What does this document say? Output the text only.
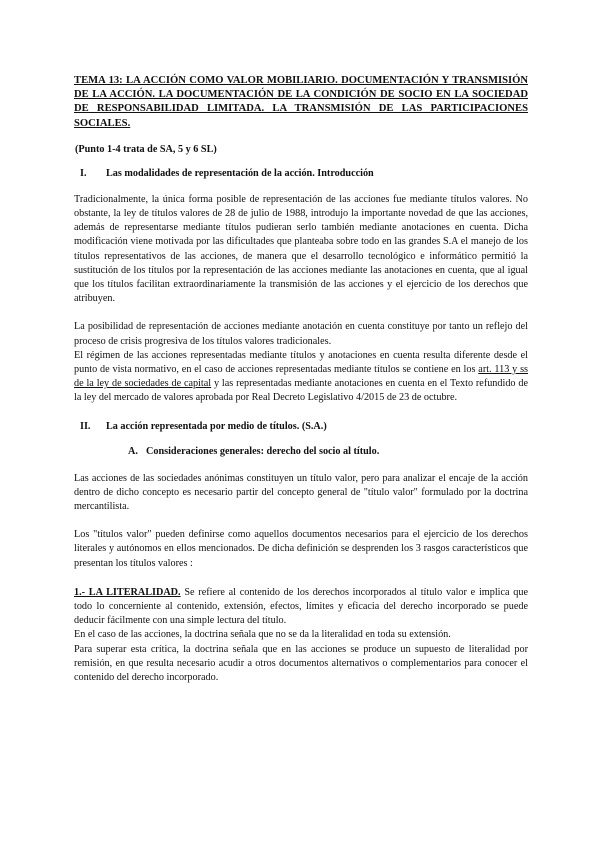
TEMA 13: LA ACCIÓN COMO VALOR MOBILIARIO. DOCUMENTACIÓN Y TRANSMISIÓN DE LA ACCIÓN. LA DOCUMENTACIÓN DE LA CONDICIÓN DE SOCIO EN LA SOCIEDAD DE RESPONSABILIDAD LIMITADA. LA TRANSMISIÓN DE LAS PARTICIPACIONES SOCIALES.

(Punto 1-4 trata de SA, 5 y 6 SL)
I.	Las modalidades de representación de la acción. Introducción

Tradicionalmente, la única forma posible de representación de las acciones fue mediante títulos valores. No obstante, la ley de títulos valores de 28 de julio de 1988, introdujo la importante novedad de que las acciones, además de representarse mediante títulos pudieran serlo también mediante anotaciones en cuenta. Dicha modificación viene motivada por las dificultades que planteaba sobre todo en las grandes S.A el manejo de los títulos representativos de las acciones, de manera que el desarrollo tecnológico e informático permitió la sustitución de los títulos por la representación de las acciones mediante las anotaciones en cuenta, que al igual que los títulos facilitan extraordinariamente la transmisión de las acciones y el ejercicio de los derechos que atribuyen.

La posibilidad de representación de acciones mediante anotación en cuenta constituye por tanto un reflejo del proceso de crisis progresiva de los títulos valores tradicionales.

El régimen de las acciones representadas mediante títulos y anotaciones en cuenta resulta diferente desde el punto de vista normativo, en el caso de acciones representadas mediante títulos se contiene en los art. 113 y ss de la ley de sociedades de capital y las representadas mediante anotaciones en cuenta en el Texto refundido de la ley del mercado de valores aprobada por Real Decreto Legislativo 4/2015 de 23 de octubre.

II.	La acción representada por medio de títulos. (S.A.)
A. Consideraciones generales: derecho del socio al título.

Las acciones de las sociedades anónimas constituyen un título valor, pero para analizar el encaje de la acción dentro de dicho concepto es necesario partir del concepto general de "título valor" formulado por la doctrina mercantilista.

Los "títulos valor" pueden definirse como aquellos documentos necesarios para el ejercicio de los derechos literales y autónomos en ellos mencionados. De dicha definición se desprenden los 3 rasgos característicos que presentan los títulos valores :

1.- LA LITERALIDAD. Se refiere al contenido de los derechos incorporados al título valor e implica que todo lo concerniente al contenido, extensión, efectos, límites y eficacia del derecho incorporado se puede deducir fácilmente con una simple lectura del título.

En el caso de las acciones, la doctrina señala que no se da la literalidad en toda su extensión.

Para superar esta crítica, la doctrina señala que en las acciones se produce un supuesto de literalidad por remisión, en que resulta necesario acudir a otros documentos alternativos o complementarios para conocer el contenido del derecho incorporado.
